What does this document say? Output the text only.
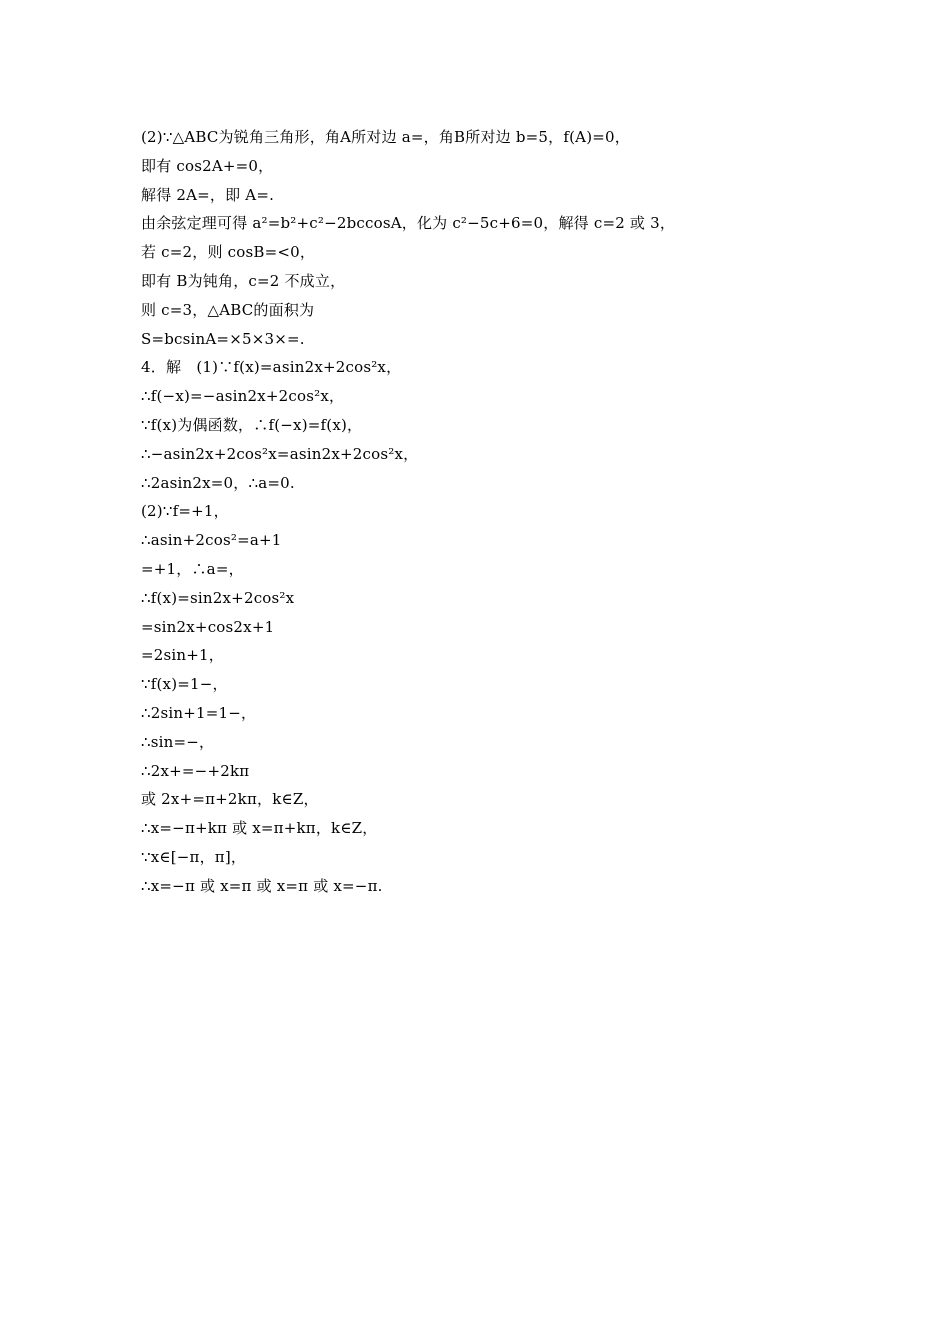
(2)∵△ABC为锐角三角形，角A所对边 a=，角B所对边 b=5，f(A)=0，
即有 cos2A+=0，
解得 2A=，即 A=.
由余弦定理可得 a²=b²+c²−2bccosA，化为 c²−5c+6=0，解得 c=2 或 3，
若 c=2，则 cosB=<0，
即有 B为钝角，c=2 不成立，
则 c=3，△ABC的面积为
S=bcsinA=×5×3×=.
4．解　(1)∵f(x)=asin2x+2cos²x，
∴f(−x)=−asin2x+2cos²x，
∵f(x)为偶函数，∴f(−x)=f(x)，
∴−asin2x+2cos²x=asin2x+2cos²x，
∴2asin2x=0，∴a=0.
(2)∵f=+1，
∴asin+2cos²=a+1
=+1，∴a=，
∴f(x)=sin2x+2cos²x
=sin2x+cos2x+1
=2sin+1，
∵f(x)=1−，
∴2sin+1=1−，
∴sin=−，
∴2x+=−+2kπ
或 2x+=π+2kπ，k∈Z，
∴x=−π+kπ 或 x=π+kπ，k∈Z，
∵x∈[−π，π]，
∴x=−π 或 x=π 或 x=π 或 x=−π.
